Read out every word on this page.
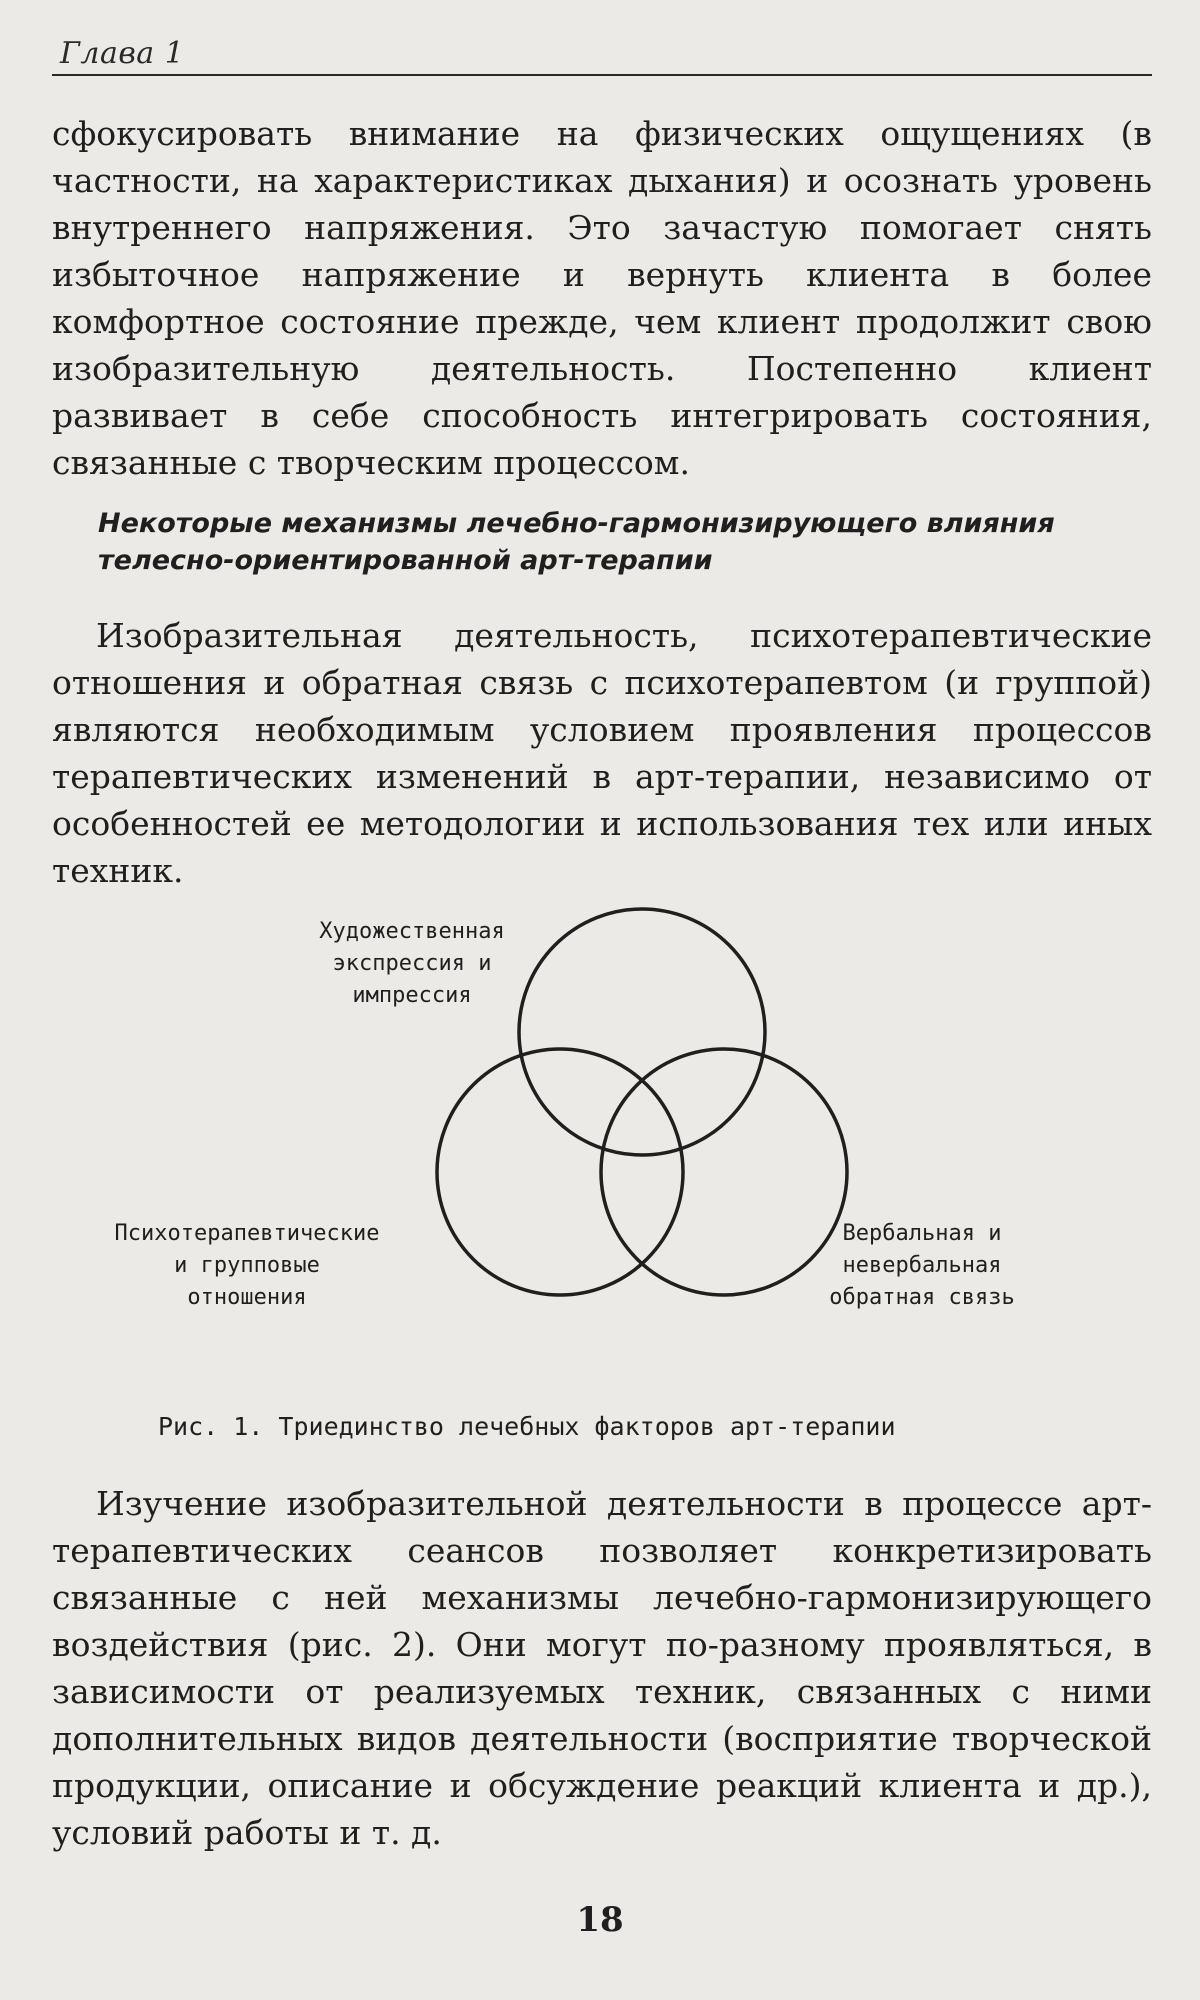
Глава 1

сфокусировать внимание на физических ощущениях (в частности, на характеристиках дыхания) и осознать уровень внутреннего напряжения. Это зачастую помогает снять избыточное напряжение и вернуть клиента в более комфортное состояние прежде, чем клиент продолжит свою изобразительную деятельность. Постепенно клиент развивает в себе способность интегрировать состояния, связанные с творческим процессом.

Некоторые механизмы лечебно-гармонизирующего влияния
телесно-ориентированной арт-терапии

Изобразительная деятельность, психотерапевтические отношения и обратная связь с психотерапевтом (и группой) являются необходимым условием проявления процессов терапевтических изменений в арт-терапии, независимо от особенностей ее методологии и использования тех или иных техник.

Художественная
экспрессия и
импрессия
Психотерапевтические
и групповые
отношения
Вербальная и
невербальная
обратная связь
Рис. 1. Триединство лечебных факторов арт-терапии

Изучение изобразительной деятельности в процессе арт-терапевтических сеансов позволяет конкретизировать связанные с ней механизмы лечебно-гармонизирующего воздействия (рис. 2). Они могут по-разному проявляться, в зависимости от реализуемых техник, связанных с ними дополнительных видов деятельности (восприятие творческой продукции, описание и обсуждение реакций клиента и др.), условий работы и т. д.

18
